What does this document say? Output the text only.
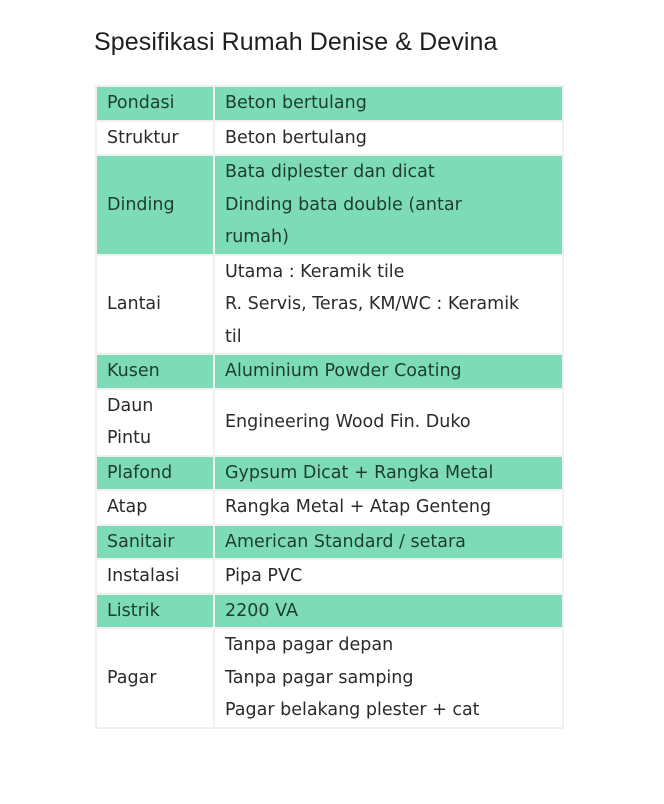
Spesifikasi Rumah Denise & Devina
Pondasi	Beton bertulang

Struktur	Beton bertulang

Dinding	Bata diplester dan dicat
Dinding bata double (antar
rumah)

Lantai	Utama : Keramik tile
R. Servis, Teras, KM/WC : Keramik
til

Kusen	Aluminium Powder Coating

Daun
Pintu	Engineering Wood Fin. Duko

Plafond	Gypsum Dicat + Rangka Metal

Atap	Rangka Metal + Atap Genteng

Sanitair	American Standard / setara

Instalasi	Pipa PVC

Listrik	2200 VA

Pagar	Tanpa pagar depan
Tanpa pagar samping
Pagar belakang plester + cat
